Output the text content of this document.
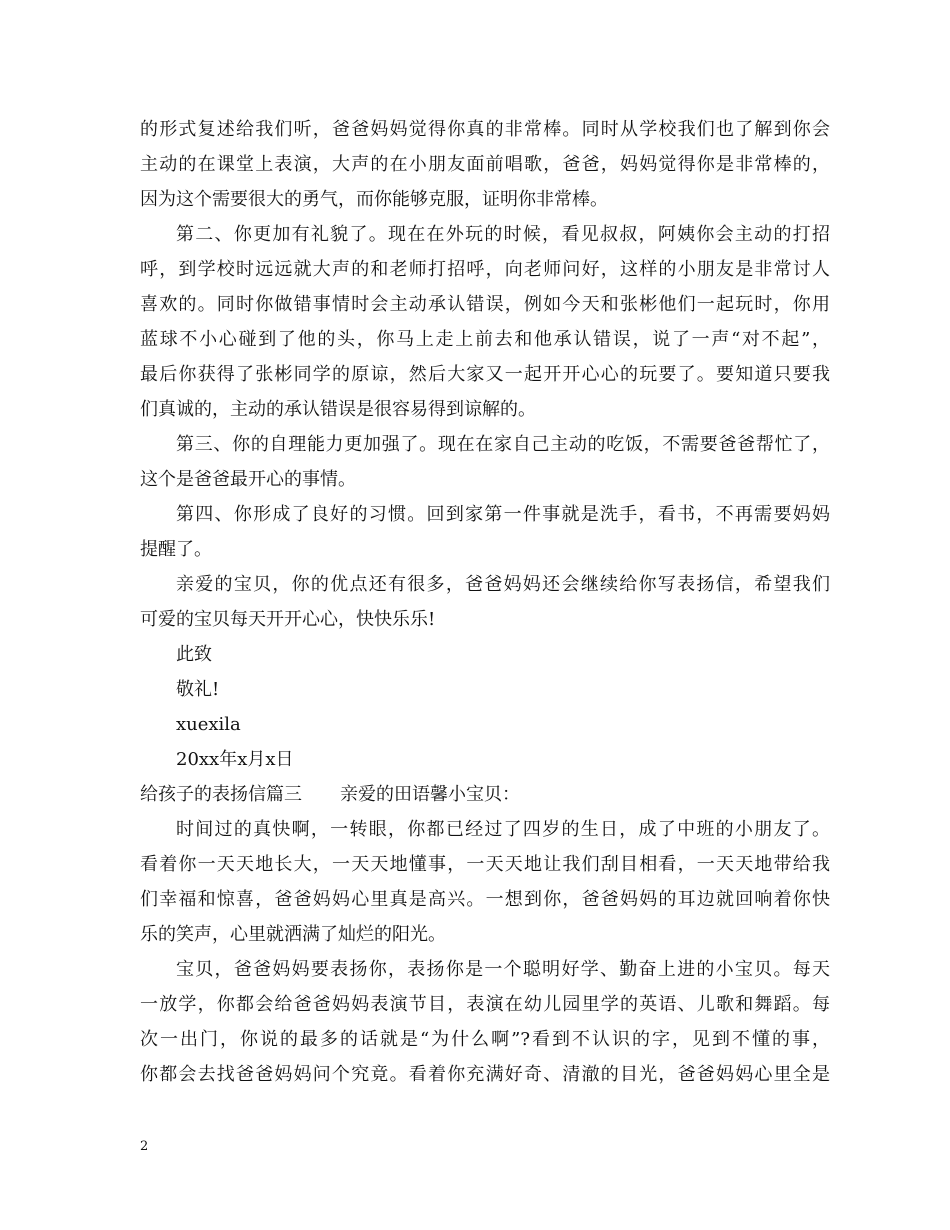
的形式复述给我们听，爸爸妈妈觉得你真的非常棒。同时从学校我们也了解到你会
主动的在课堂上表演，大声的在小朋友面前唱歌，爸爸，妈妈觉得你是非常棒的，
因为这个需要很大的勇气，而你能够克服，证明你非常棒。
第二、你更加有礼貌了。现在在外玩的时候，看见叔叔，阿姨你会主动的打招
呼，到学校时远远就大声的和老师打招呼，向老师问好，这样的小朋友是非常讨人
喜欢的。同时你做错事情时会主动承认错误，例如今天和张彬他们一起玩时，你用
蓝球不小心碰到了他的头，你马上走上前去和他承认错误，说了一声“对不起”，
最后你获得了张彬同学的原谅，然后大家又一起开开心心的玩要了。要知道只要我
们真诚的，主动的承认错误是很容易得到谅解的。
第三、你的自理能力更加强了。现在在家自己主动的吃饭，不需要爸爸帮忙了，
这个是爸爸最开心的事情。
第四、你形成了良好的习惯。回到家第一件事就是洗手，看书，不再需要妈妈
提醒了。
亲爱的宝贝，你的优点还有很多，爸爸妈妈还会继续给你写表扬信，希望我们
可爱的宝贝每天开开心心，快快乐乐!
此致
敬礼!
xuexila
20xx年x月x日
给孩子的表扬信篇三 亲爱的田语馨小宝贝：
时间过的真快啊，一转眼，你都已经过了四岁的生日，成了中班的小朋友了。
看着你一天天地长大，一天天地懂事，一天天地让我们刮目相看，一天天地带给我
们幸福和惊喜，爸爸妈妈心里真是高兴。一想到你，爸爸妈妈的耳边就回响着你快
乐的笑声，心里就洒满了灿烂的阳光。
宝贝，爸爸妈妈要表扬你，表扬你是一个聪明好学、勤奋上进的小宝贝。每天
一放学，你都会给爸爸妈妈表演节目，表演在幼儿园里学的英语、儿歌和舞蹈。每
次一出门，你说的最多的话就是“为什么啊”?看到不认识的字，见到不懂的事，
你都会去找爸爸妈妈问个究竟。看着你充满好奇、清澈的目光，爸爸妈妈心里全是
2
